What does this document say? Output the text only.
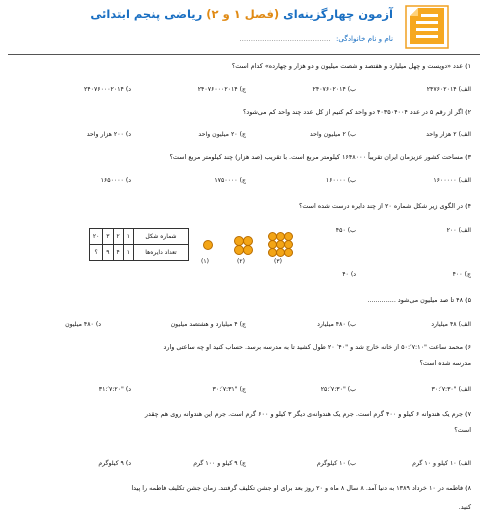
آزمون چهارگزینه‌ای (فصل ۱ و ۲) ریاضی پنجم ابتدائی
نام و نام خانوادگی: ........................................
۱) عدد «دویست و چهل میلیارد و هفتصد و شصت میلیون و دو هزار و چهارده» کدام است؟
الف) ۲۴۷۶۰۲۰۱۴
ب) ۲۴۰۷۶۰۲۰۱۴
ج) ۲۴۰۷۶۰۰۰۲۰۱۴
د) ۲۴۰۷۶۰۰۰۲۰۱۴
۲) اگر از رقم ۵ در عدد ۴۰۳۵۰۴۰۰۴ دو واحد کم کنیم از کل عدد چند واحد کم می‌شود؟
الف) ۲ هزار واحد
ب) ۲ میلیون واحد
ج) ۲۰ میلیون واحد
د) ۲۰۰ هزار واحد
۳) مساحت کشور عزیزمان ایران تقریباً ۱۶۴۸۰۰۰ کیلومتر مربع است. با تقریب (صد هزار) چند کیلومتر مربع است؟
الف) ۱۶۰۰۰۰۰
ب) ۱۶۰۰۰۰
ج) ۱۷۵۰۰۰۰
د) ۱۶۵۰۰۰۰
۴) در الگوی زیر شکل شماره ۲۰ از چند دایره درست شده است؟
الف) ۲۰۰
ب) ۴۵۰
ج) ۴۰۰
د) ۴۰
(۱)	(۲)	(۳)
شماره شکل	۱	۲	۳	۲۰
تعداد دایره‌ها	۱	۴	۹	؟
۵) ۴۸ تا صد میلیون می‌شود ..............
الف) ۴۸ میلیارد
ب) ۴۸۰ میلیارد
ج) ۴ میلیارد و هشتصد میلیون
د) ۴۸۰ میلیون
۶) محمد ساعت "۷:۱۰′:۵۰ از خانه خارج شد و "۴۰′ ۲۰ طول کشید تا به مدرسه برسد. حساب کنید او چه ساعتی وارد
مدرسه شده است؟
الف) "۷:۳۰′:۳۰
ب) "۷:۳۰′:۲۵
ج) "۷:۳۱′:۳۰
د) "۷:۲۰′:۳۱
۷) جرم یک هندوانه ۶ کیلو و ۴۰۰ گرم است. جرم یک هندوانه‌ی دیگر ۳ کیلو و ۶۰۰ گرم است. جرم این هندوانه روی هم چقدر
است؟
الف) ۱۰ کیلو و ۱۰ گرم
ب) ۱۰ کیلوگرم
ج) ۹ کیلو و ۱۰۰ گرم
د) ۹ کیلوگرم
۸) فاطمه در ۱۰ خرداد ۱۳۸۹ به دنیا آمد. ۸ سال ۸ ماه و ۲۰ روز بعد برای او جشن تکلیف گرفتند. زمان جشن تکلیف فاطمه را پیدا
کنید.
